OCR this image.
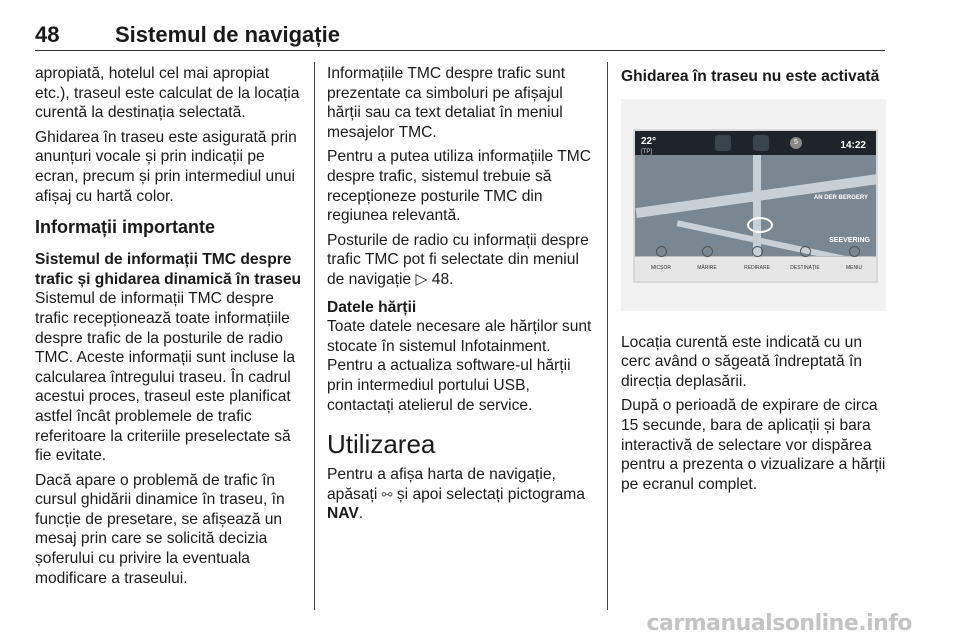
48	Sistemul de navigație

apropiată, hotelul cel mai apropiat etc.), traseul este calculat de la locația curentă la destinația selectată.

Ghidarea în traseu este asigurată prin anunțuri vocale și prin indicații pe ecran, precum și prin intermediul unui afișaj cu hartă color.

Informații importante
Sistemul de informații TMC despre trafic și ghidarea dinamică în traseu

Sistemul de informații TMC despre trafic recepționează toate informațiile despre trafic de la posturile de radio TMC. Aceste informații sunt incluse la calcularea întregului traseu. În cadrul acestui proces, traseul este planificat astfel încât problemele de trafic referitoare la criteriile preselectate să fie evitate.

Dacă apare o problemă de trafic în cursul ghidării dinamice în traseu, în funcție de presetare, se afișează un mesaj prin care se solicită decizia șoferului cu privire la eventuala modificare a traseului.

Informațiile TMC despre trafic sunt prezentate ca simboluri pe afișajul hărții sau ca text detaliat în meniul mesajelor TMC.

Pentru a putea utiliza informațiile TMC despre trafic, sistemul trebuie să recepționeze posturile TMC din regiunea relevantă.

Posturile de radio cu informații despre trafic TMC pot fi selectate din meniul de navigație ▷ 48.

Datele hărții

Toate datele necesare ale hărților sunt stocate în sistemul Infotainment. Pentru a actualiza software-ul hărții prin intermediul portului USB, contactați atelierul de service.

Utilizarea

Pentru a afișa harta de navigație, apăsați ⚯ și apoi selectați pictograma NAV.

Ghidarea în traseu nu este activată
22°
[TP]
5	14:22
AN DER BERGERY
SEEVERING
MICȘOR	MĂRIRE	REDIRARE	DESTINAȚIE	MENIU

Locația curentă este indicată cu un cerc având o săgeată îndreptată în direcția deplasării.

După o perioadă de expirare de circa 15 secunde, bara de aplicații și bara interactivă de selectare vor dispărea pentru a prezenta o vizualizare a hărții pe ecranul complet.

carmanualsonline.info
